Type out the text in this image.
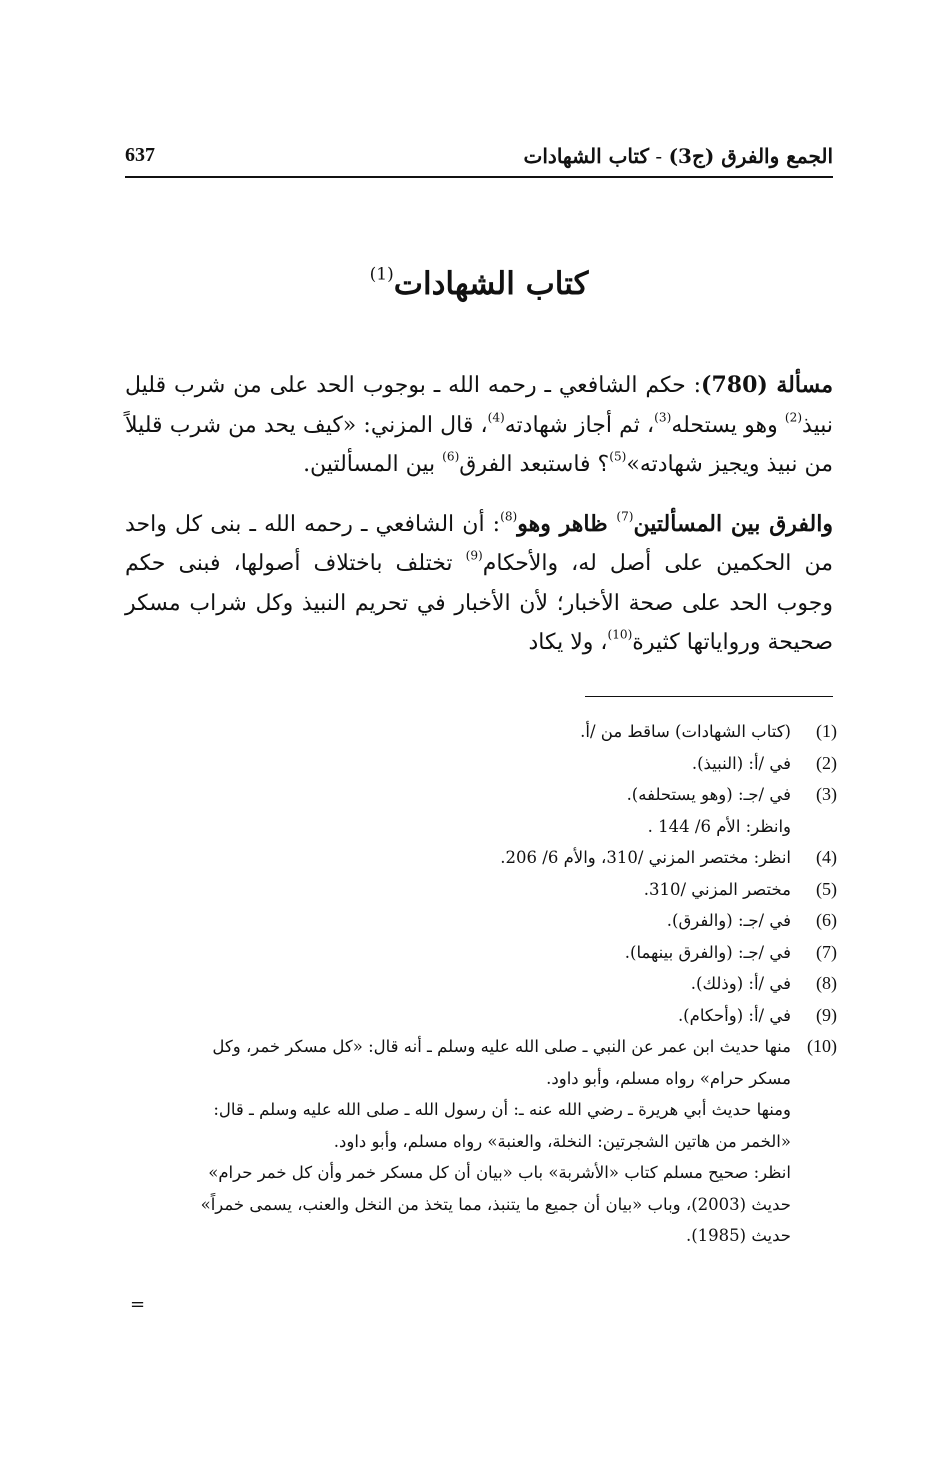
الجمع والفرق (ج3) - كتاب الشهادات
637
كتاب الشهادات$^{(1)}$

مسألة (780): حكم الشافعي ـ رحمه الله ـ بوجوب الحد على من شرب قليل نبيذ$^{(2)}$ وهو يستحله$^{(3)}$، ثم أجاز شهادته$^{(4)}$، قال المزني: «كيف يحد من شرب قليلاً من نبيذ ويجيز شهادته»$^{(5)}$؟ فاستبعد الفرق$^{(6)}$ بين المسألتين.

والفرق بين المسألتين$^{(7)}$ ظاهر وهو$^{(8)}$: أن الشافعي ـ رحمه الله ـ بنى كل واحد من الحكمين على أصل له، والأحكام$^{(9)}$ تختلف باختلاف أصولها، فبنى حكم وجوب الحد على صحة الأخبار؛ لأن الأخبار في تحريم النبيذ وكل شراب مسكر صحيحة ورواياتها كثيرة$^{(10)}$، ولا يكاد

(1)
(كتاب الشهادات) ساقط من /أ.
(2)
في /أ: (النبيذ).
(3)
في /جـ: (وهو يستحلفه).
وانظر: الأم 6/ 144 .
(4)
انظر: مختصر المزني /310، والأم 6/ 206.
(5)
مختصر المزني /310.
(6)
في /جـ: (والفرق).
(7)
في /جـ: (والفرق بينهما).
(8)
في /أ: (وذلك).
(9)
في /أ: (وأحكام).
(10)
منها حديث ابن عمر عن النبي ـ صلى الله عليه وسلم ـ أنه قال: «كل مسكر خمر، وكل
مسكر حرام» رواه مسلم، وأبو داود.
ومنها حديث أبي هريرة ـ رضي الله عنه ـ: أن رسول الله ـ صلى الله عليه وسلم ـ قال:
«الخمر من هاتين الشجرتين: النخلة، والعنبة» رواه مسلم، وأبو داود.
انظر: صحيح مسلم كتاب «الأشربة» باب «بيان أن كل مسكر خمر وأن كل خمر حرام»
حديث (2003)، وباب «بيان أن جميع ما يتنبذ، مما يتخذ من النخل والعنب، يسمى خمراً»
حديث (1985).
=
